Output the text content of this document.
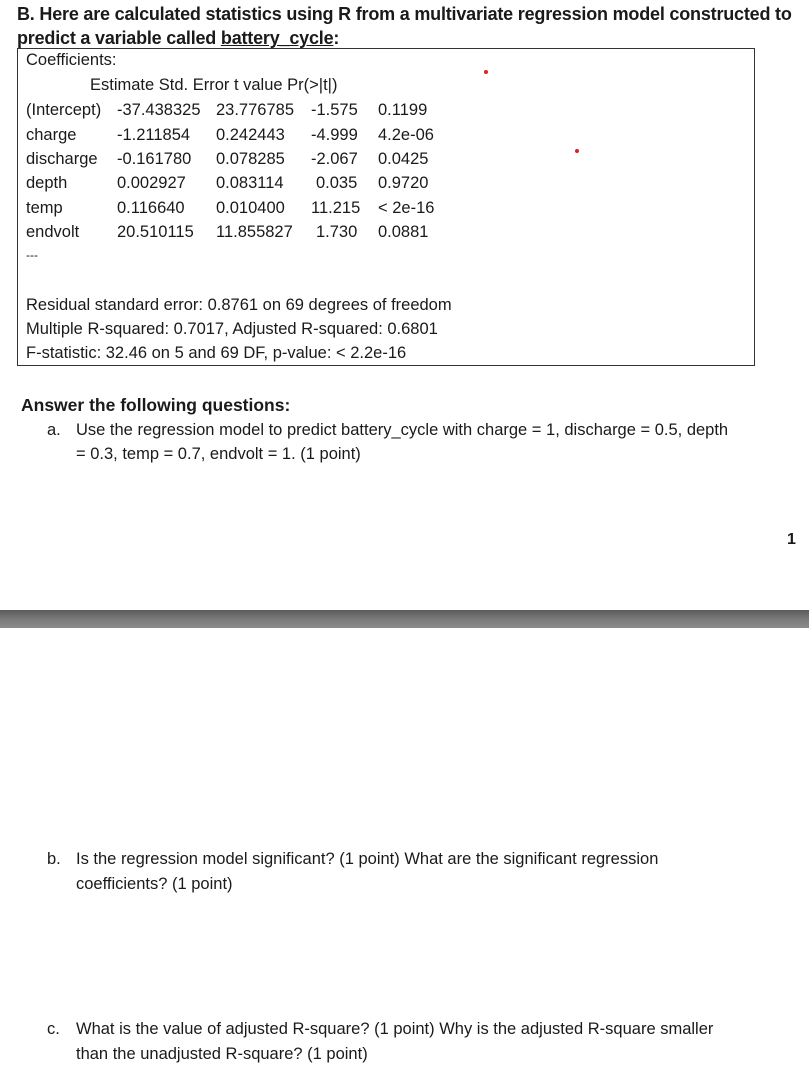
B. Here are calculated statistics using R from a multivariate regression model constructed to
predict a variable called battery_cycle:
Coefficients:
Estimate Std. Error t value Pr(>|t|)
(Intercept) -37.438325 23.776785 -1.575 0.1199
charge -1.211854 0.242443 -4.999 4.2e-06
discharge -0.161780 0.078285 -2.067 0.0425
depth	0.002927 0.083114 0.035 0.9720
temp	0.116640 0.010400 11.215 < 2e-16
endvolt 20.510115 11.855827 1.730 0.0881
---
Residual standard error: 0.8761 on 69 degrees of freedom
Multiple R-squared: 0.7017, Adjusted R-squared: 0.6801
F-statistic: 32.46 on 5 and 69 DF, p-value: < 2.2e-16
Answer the following questions:
a. Use the regression model to predict battery_cycle with charge = 1, discharge = 0.5, depth
= 0.3, temp = 0.7, endvolt = 1. (1 point)
1
b. Is the regression model significant? (1 point) What are the significant regression
coefficients? (1 point)
c. What is the value of adjusted R-square? (1 point) Why is the adjusted R-square smaller
than the unadjusted R-square? (1 point)
